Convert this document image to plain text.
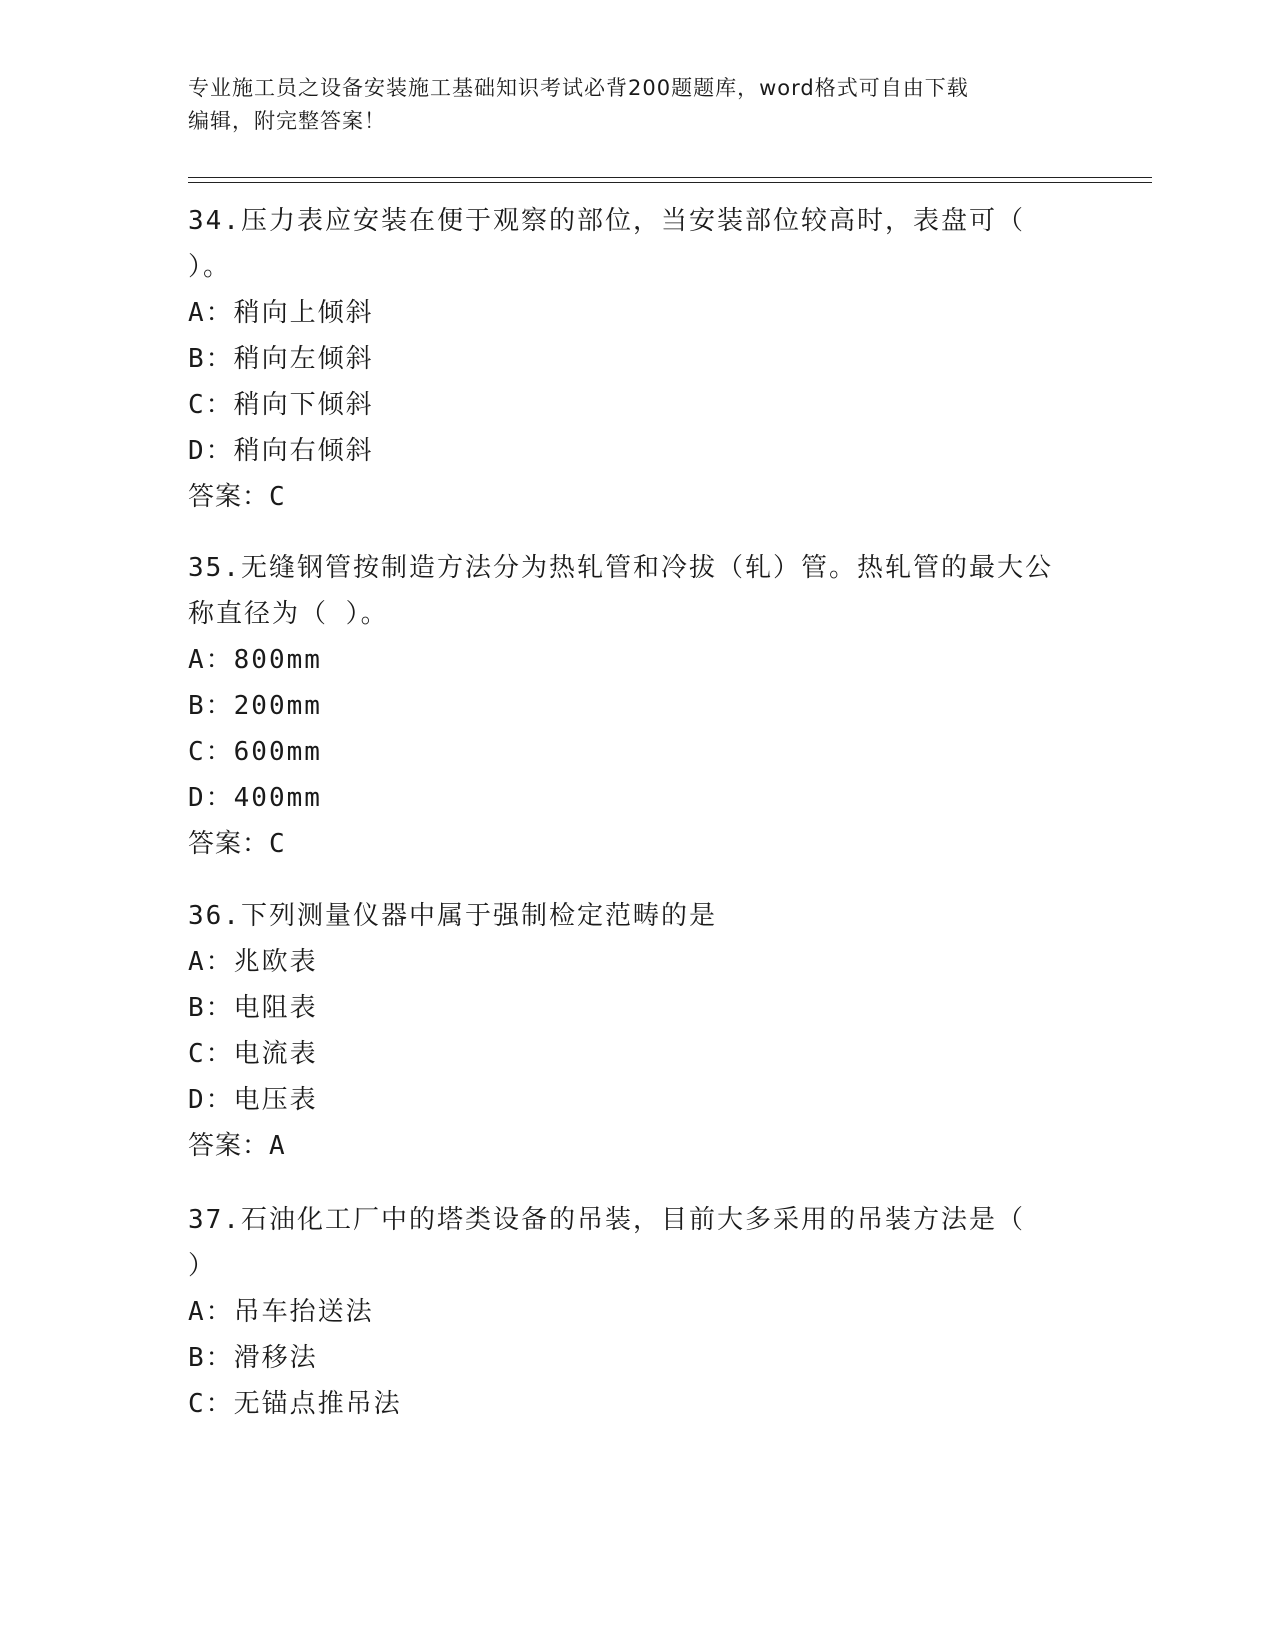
专业施工员之设备安装施工基础知识考试必背200题题库，word格式可自由下载
编辑，附完整答案！
34.压力表应安装在便于观察的部位，当安装部位较高时，表盘可（
）。
A：稍向上倾斜
B：稍向左倾斜
C：稍向下倾斜
D：稍向右倾斜
答案：C
35.无缝钢管按制造方法分为热轧管和冷拔（轧）管。热轧管的最大公
称直径为（ ）。
A：800mm
B：200mm
C：600mm
D：400mm
答案：C
36.下列测量仪器中属于强制检定范畴的是
A：兆欧表
B：电阻表
C：电流表
D：电压表
答案：A
37.石油化工厂中的塔类设备的吊装，目前大多采用的吊装方法是（
）
A：吊车抬送法
B：滑移法
C：无锚点推吊法
